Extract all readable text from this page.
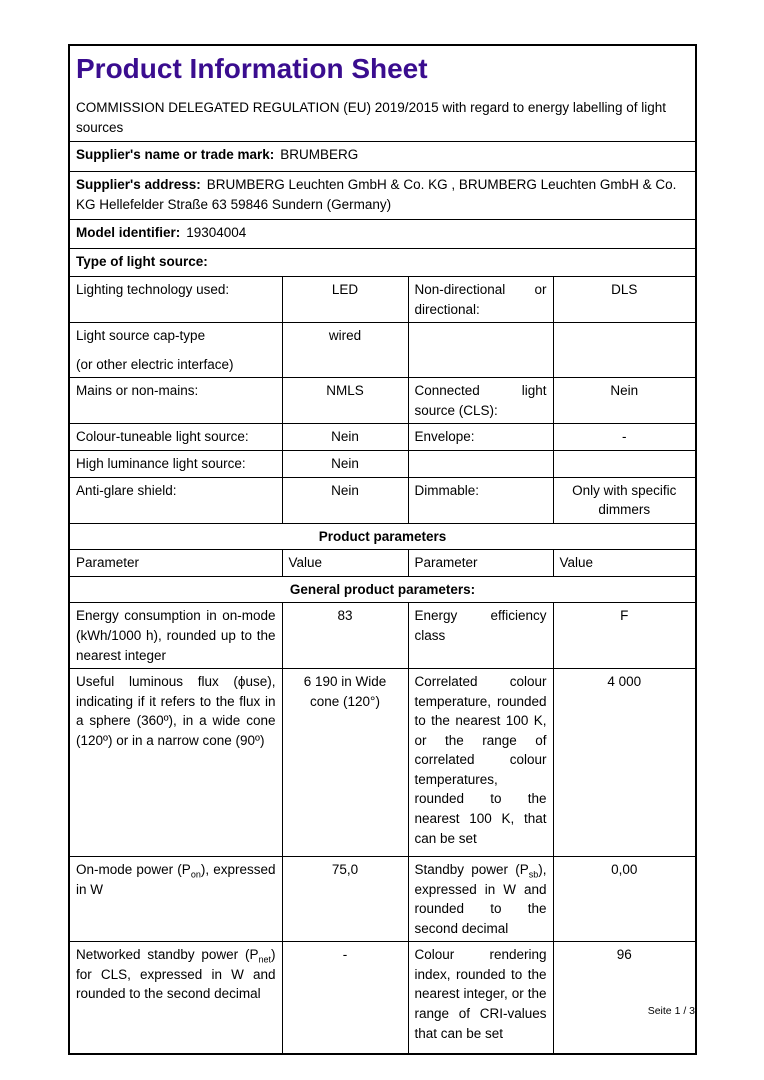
Product Information Sheet

COMMISSION DELEGATED REGULATION (EU) 2019/2015 with regard to energy labelling of light sources

Supplier's name or trade mark: BRUMBERG			
Supplier's address: BRUMBERG Leuchten GmbH & Co. KG , BRUMBERG Leuchten GmbH & Co. KG Hellefelder Straße 63 59846 Sundern (Germany)			
Model identifier: 19304004			
Type of light source:			
Lighting technology used:	LED	Non-directional or directional:	DLS

Light source cap-type
(or other electric interface)	wired		
Mains or non-mains:	NMLS	Connected light source (CLS):	Nein
Colour-tuneable light source:	Nein	Envelope:	-
High luminance light source:	Nein		
Anti-glare shield:	Nein	Dimmable:	Only with specific dimmers
Product parameters			
Parameter	Value	Parameter	Value
General product parameters:			
Energy consumption in on-mode (kWh/1000 h), rounded up to the nearest integer	83	Energy efficiency class	F
Useful luminous flux (ϕuse), indicating if it refers to the flux in a sphere (360º), in a wide cone (120º) or in a narrow cone (90º)	6 190 in Wide cone (120°)	Correlated colour temperature, rounded to the nearest 100 K, or the range of correlated colour temperatures, rounded to the nearest 100 K, that can be set	4 000
On-mode power $(P_{on})$, expressed in W	75,0	Standby power $(P_{sb})$, expressed in W and rounded to the second decimal	0,00
Networked standby power $(P_{net})$ for CLS, expressed in W and rounded to the second decimal	-	Colour rendering index, rounded to the nearest integer, or the range of CRI-values that can be set	96
Seite 1 / 3
